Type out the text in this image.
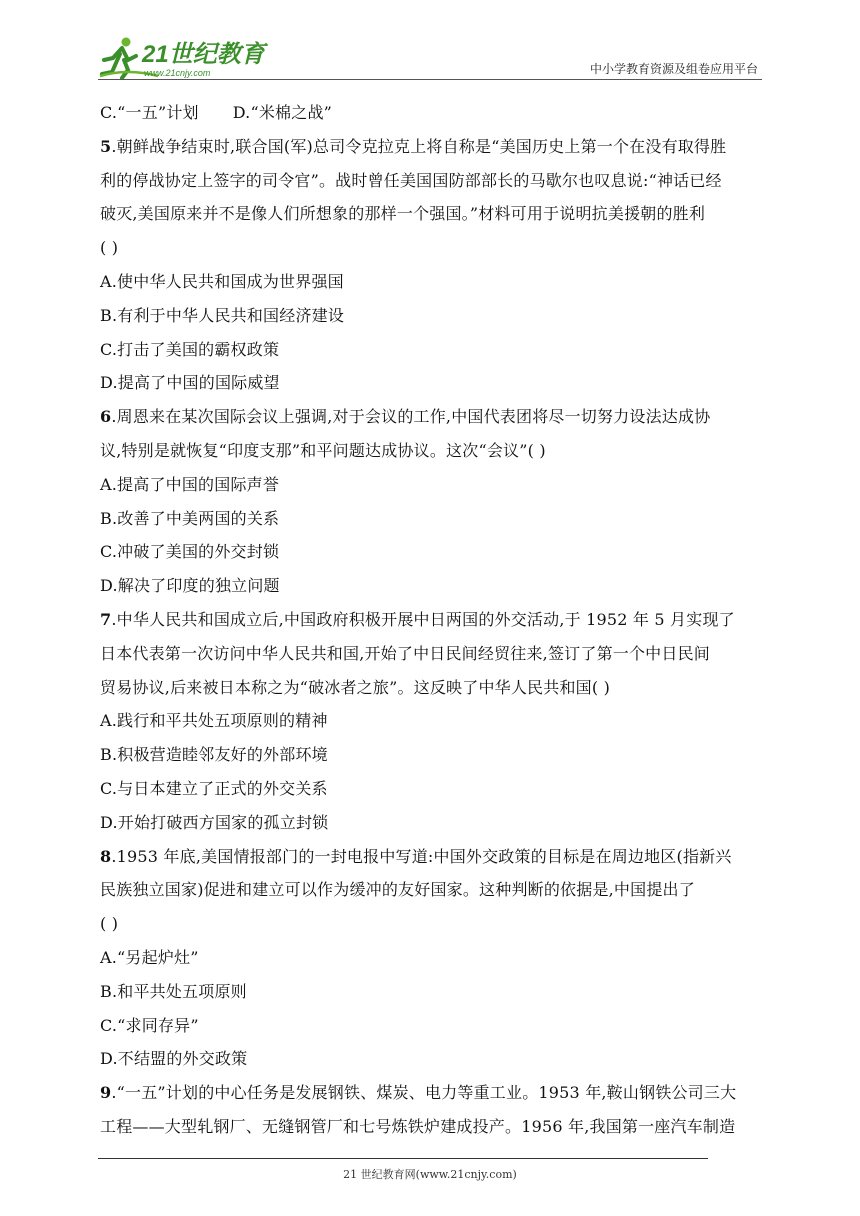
21世纪教育
www.21cnjy.com	中小学教育资源及组卷应用平台
C.“一五”计划 D.“米棉之战”
5.朝鲜战争结束时,联合国(军)总司令克拉克上将自称是“美国历史上第一个在没有取得胜
利的停战协定上签字的司令官”。战时曾任美国国防部部长的马歇尔也叹息说:“神话已经
破灭,美国原来并不是像人们所想象的那样一个强国。”材料可用于说明抗美援朝的胜利
( )
A.使中华人民共和国成为世界强国
B.有利于中华人民共和国经济建设
C.打击了美国的霸权政策
D.提高了中国的国际威望
6.周恩来在某次国际会议上强调,对于会议的工作,中国代表团将尽一切努力设法达成协
议,特别是就恢复“印度支那”和平问题达成协议。这次“会议”( )
A.提高了中国的国际声誉
B.改善了中美两国的关系
C.冲破了美国的外交封锁
D.解决了印度的独立问题
7.中华人民共和国成立后,中国政府积极开展中日两国的外交活动,于 1952 年 5 月实现了
日本代表第一次访问中华人民共和国,开始了中日民间经贸往来,签订了第一个中日民间
贸易协议,后来被日本称之为“破冰者之旅”。这反映了中华人民共和国( )
A.践行和平共处五项原则的精神
B.积极营造睦邻友好的外部环境
C.与日本建立了正式的外交关系
D.开始打破西方国家的孤立封锁
8.1953 年底,美国情报部门的一封电报中写道:中国外交政策的目标是在周边地区(指新兴
民族独立国家)促进和建立可以作为缓冲的友好国家。这种判断的依据是,中国提出了
( )
A.“另起炉灶”
B.和平共处五项原则
C.“求同存异”
D.不结盟的外交政策
9.“一五”计划的中心任务是发展钢铁、煤炭、电力等重工业。1953 年,鞍山钢铁公司三大
工程——大型轧钢厂、无缝钢管厂和七号炼铁炉建成投产。1956 年,我国第一座汽车制造
21 世纪教育网(www.21cnjy.com)
